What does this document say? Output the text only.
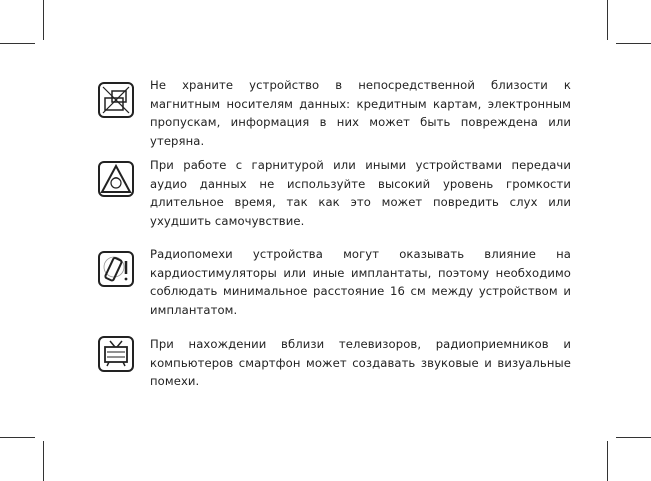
Не храните устройство в непосредственной близости к магнитным носителям данных: кредитным картам, электронным пропускам, информация в них может быть повреждена или утеряна.
При работе с гарнитурой или иными устройствами передачи аудио данных не используйте высокий уровень громкости длительное время, так как это может повредить слух или ухудшить самочувствие.
Радиопомехи устройства могут оказывать влияние на кардиостимуляторы или иные имплантаты, поэтому необходимо соблюдать минимальное расстояние 16 см между устройством и имплантатом.
При нахождении вблизи телевизоров, радиоприемников и компьютеров смартфон может создавать звуковые и визуальные помехи.
